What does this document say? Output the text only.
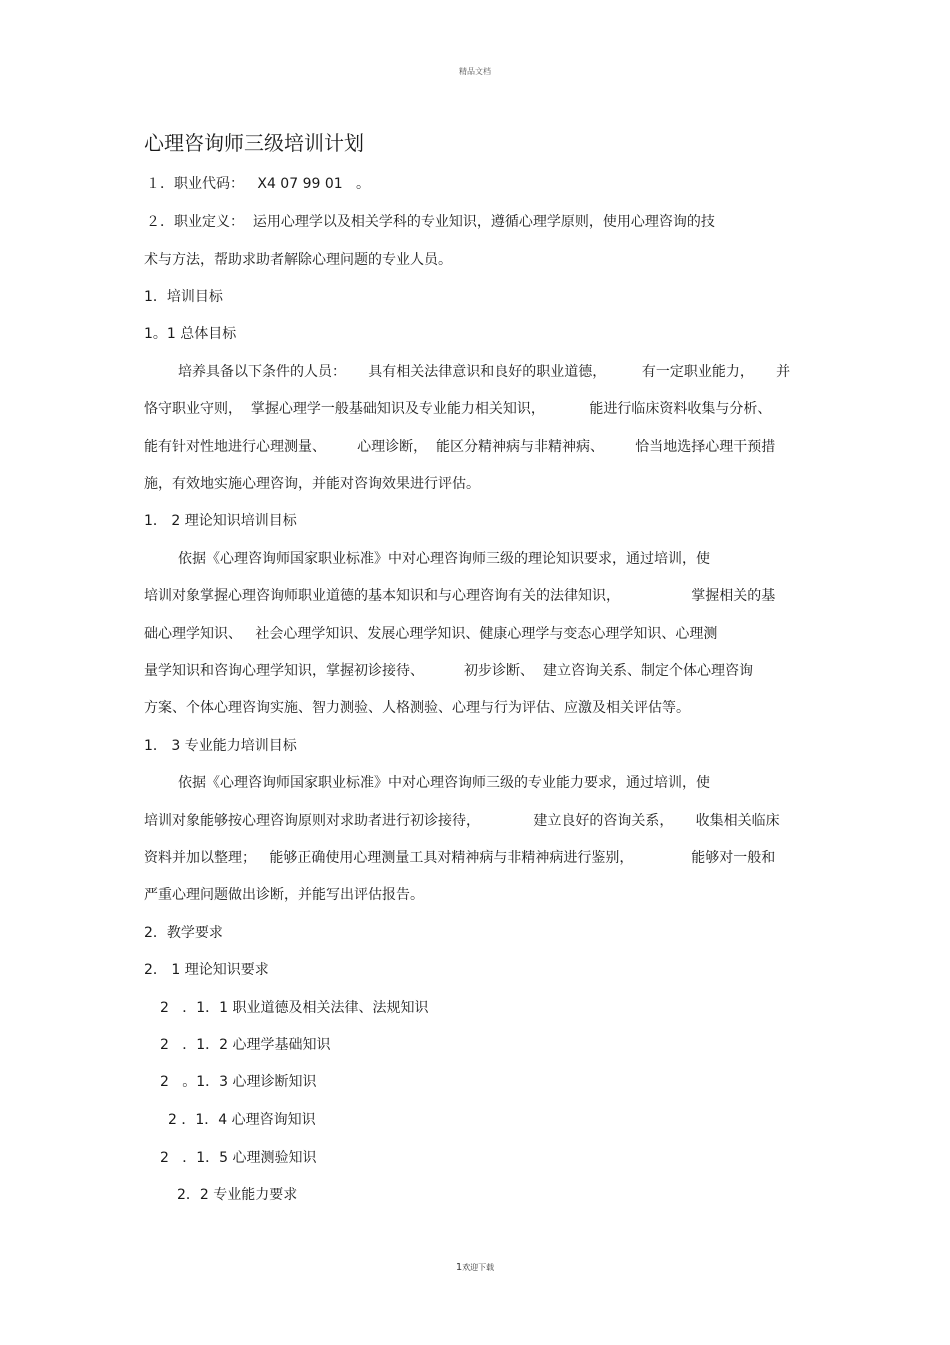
精品文档
心理咨询师三级培训计划
１．职业代码：   X4 07 99 01   。
２．职业定义：  运用心理学以及相关学科的专业知识，遵循心理学原则，使用心理咨询的技
术与方法，帮助求助者解除心理问题的专业人员。
1．培训目标
1。1 总体目标
培养具备以下条件的人员：     具有相关法律意识和良好的职业道德，        有一定职业能力，     并
恪守职业守则，  掌握心理学一般基础知识及专业能力相关知识，          能进行临床资料收集与分析、
能有针对性地进行心理测量、       心理诊断，  能区分精神病与非精神病、       恰当地选择心理干预措
施，有效地实施心理咨询，并能对咨询效果进行评估。
1． 2 理论知识培训目标
依据《心理咨询师国家职业标准》中对心理咨询师三级的理论知识要求，通过培训，使
培训对象掌握心理咨询师职业道德的基本知识和与心理咨询有关的法律知识，                掌握相关的基
础心理学知识、   社会心理学知识、发展心理学知识、健康心理学与变态心理学知识、心理测
量学知识和咨询心理学知识，掌握初诊接待、         初步诊断、  建立咨询关系、制定个体心理咨询
方案、个体心理咨询实施、智力测验、人格测验、心理与行为评估、应激及相关评估等。
1． 3 专业能力培训目标
依据《心理咨询师国家职业标准》中对心理咨询师三级的专业能力要求，通过培训，使
培训对象能够按心理咨询原则对求助者进行初诊接待，            建立良好的咨询关系，     收集相关临床
资料并加以整理；   能够正确使用心理测量工具对精神病与非精神病进行鉴别，             能够对一般和
严重心理问题做出诊断，并能写出评估报告。
2．教学要求
2． 1 理论知识要求
2   ．1．1 职业道德及相关法律、法规知识
2   ．1．2 心理学基础知识
2   。1．3 心理诊断知识
2 ．1．4 心理咨询知识
2   ．1．5 心理测验知识
2．2 专业能力要求
1欢迎下载
